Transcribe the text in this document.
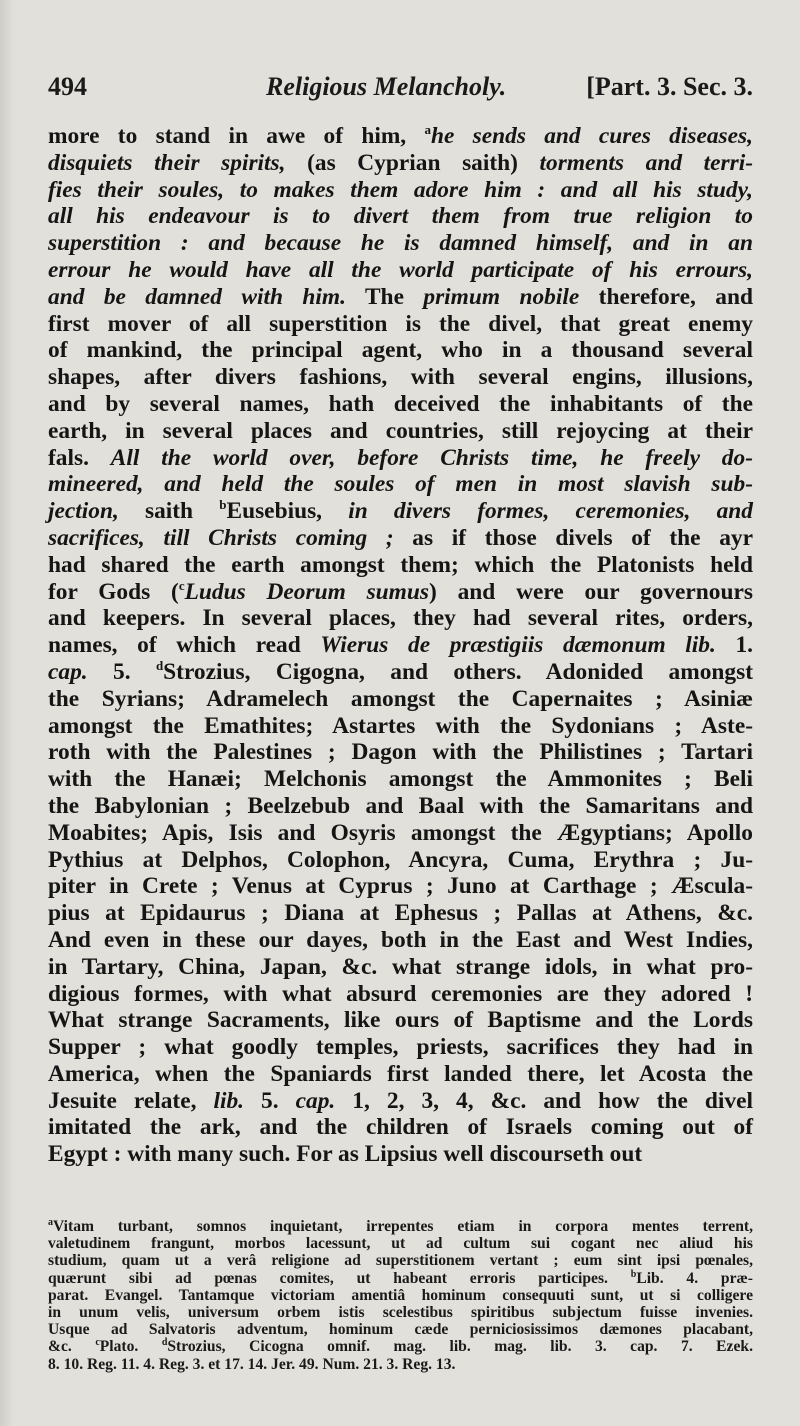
494	Religious Melancholy.	[Part. 3. Sec. 3.
more to stand in awe of him, $^a$he sends and cures diseases,
disquiets their spirits, (as Cyprian saith) torments and terri-
fies their soules, to makes them adore him : and all his study,
all his endeavour is to divert them from true religion to
superstition : and because he is damned himself, and in an
errour he would have all the world participate of his errours,
and be damned with him. The primum nobile therefore, and
first mover of all superstition is the divel, that great enemy
of mankind, the principal agent, who in a thousand several
shapes, after divers fashions, with several engins, illusions,
and by several names, hath deceived the inhabitants of the
earth, in several places and countries, still rejoycing at their
fals. All the world over, before Christs time, he freely do-
mineered, and held the soules of men in most slavish sub-
jection, saith $^b$Eusebius, in divers formes, ceremonies, and
sacrifices, till Christs coming ; as if those divels of the ayr
had shared the earth amongst them; which the Platonists held
for Gods ($^c$Ludus Deorum sumus) and were our governours
and keepers. In several places, they had several rites, orders,
names, of which read Wierus de præstigiis dæmonum lib. 1.
cap. 5. $^d$Strozius, Cigogna, and others. Adonided amongst
the Syrians; Adramelech amongst the Capernaites ; Asiniæ
amongst the Emathites; Astartes with the Sydonians ; Aste-
roth with the Palestines ; Dagon with the Philistines ; Tartari
with the Hanæi; Melchonis amongst the Ammonites ; Beli
the Babylonian ; Beelzebub and Baal with the Samaritans and
Moabites; Apis, Isis and Osyris amongst the Ægyptians; Apollo
Pythius at Delphos, Colophon, Ancyra, Cuma, Erythra ; Ju-
piter in Crete ; Venus at Cyprus ; Juno at Carthage ; Æscula-
pius at Epidaurus ; Diana at Ephesus ; Pallas at Athens, &c.
And even in these our dayes, both in the East and West Indies,
in Tartary, China, Japan, &c. what strange idols, in what pro-
digious formes, with what absurd ceremonies are they adored !
What strange Sacraments, like ours of Baptisme and the Lords
Supper ; what goodly temples, priests, sacrifices they had in
America, when the Spaniards first landed there, let Acosta the
Jesuite relate, lib. 5. cap. 1, 2, 3, 4, &c. and how the divel
imitated the ark, and the children of Israels coming out of
Egypt : with many such. For as Lipsius well discourseth out
$^a$Vitam turbant, somnos inquietant, irrepentes etiam in corpora mentes terrent,
valetudinem frangunt, morbos lacessunt, ut ad cultum sui cogant nec aliud his
studium, quam ut a verâ religione ad superstitionem vertant ; eum sint ipsi pœnales,
quærunt sibi ad pœnas comites, ut habeant erroris participes. $^b$Lib. 4. præ-
parat. Evangel. Tantamque victoriam amentiâ hominum consequuti sunt, ut si colligere
in unum velis, universum orbem istis scelestibus spiritibus subjectum fuisse invenies.
Usque ad Salvatoris adventum, hominum cæde perniciosissimos dæmones placabant,
&c. $^c$Plato. $^d$Strozius, Cicogna omnif. mag. lib. mag. lib. 3. cap. 7. Ezek.
8. 10. Reg. 11. 4. Reg. 3. et 17. 14. Jer. 49. Num. 21. 3. Reg. 13.
